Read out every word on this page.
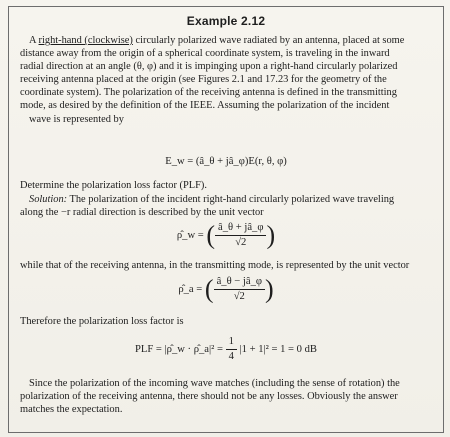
Example 2.12
A right-hand (clockwise) circularly polarized wave radiated by an antenna, placed at some
distance away from the origin of a spherical coordinate system, is traveling in the inward
radial direction at an angle (θ, φ) and it is impinging upon a right-hand circularly polarized
receiving antenna placed at the origin (see Figures 2.1 and 17.23 for the geometry of the
coordinate system). The polarization of the receiving antenna is defined in the transmitting
mode, as desired by the definition of the IEEE. Assuming the polarization of the incident
wave is represented by
E_w = (â_θ + jâ_φ)E(r, θ, φ)
Determine the polarization loss factor (PLF).
Solution: The polarization of the incident right-hand circularly polarized wave traveling
along the −r radial direction is described by the unit vector
ρ̂_w = ( $\frac{â\_\theta + jâ\_\varphi}{√2}$ )
while that of the receiving antenna, in the transmitting mode, is represented by the unit vector
ρ̂_a = ( $\frac{â\_\theta - jâ\_\varphi}{√2}$ )
Therefore the polarization loss factor is
PLF = |ρ̂_w · ρ̂_a|² = $\frac{1}{4} |1 + 1|^2 = 1 = 0$ dB
Since the polarization of the incoming wave matches (including the sense of rotation) the
polarization of the receiving antenna, there should not be any losses. Obviously the answer
matches the expectation.
